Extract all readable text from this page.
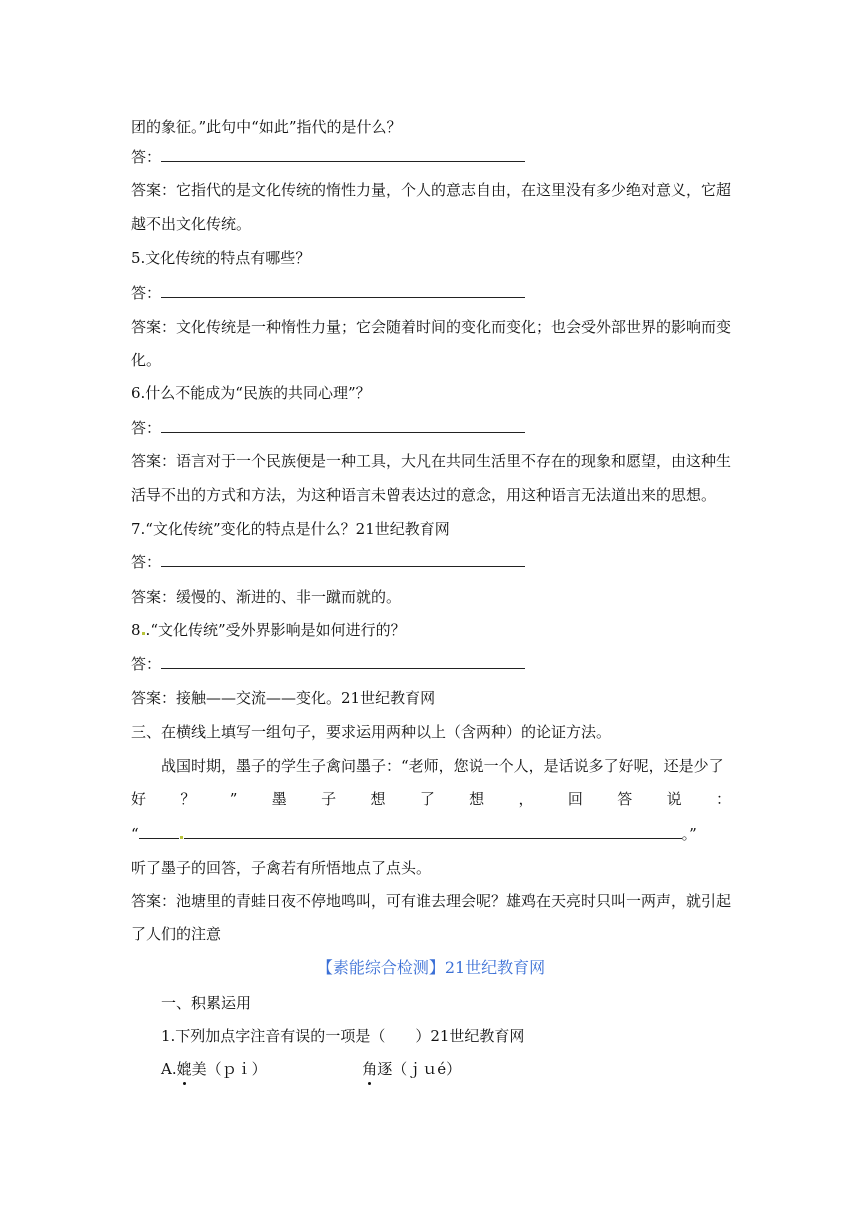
团的象征。”此句中“如此”指代的是什么？
答：
答案：它指代的是文化传统的惰性力量，个人的意志自由，在这里没有多少绝对意义，它超
越不出文化传统。
5.文化传统的特点有哪些？
答：
答案：文化传统是一种惰性力量；它会随着时间的变化而变化；也会受外部世界的影响而变
化。
6.什么不能成为“民族的共同心理”？
答：
答案：语言对于一个民族便是一种工具，大凡在共同生活里不存在的现象和愿望，由这种生
活导不出的方式和方法，为这种语言未曾表达过的意念，用这种语言无法道出来的思想。
7.“文化传统”变化的特点是什么？21世纪教育网
答：
答案：缓慢的、渐进的、非一蹴而就的。
8 .“文化传统”受外界影响是如何进行的？
答：
答案：接触——交流——变化。21世纪教育网
三、在横线上填写一组句子，要求运用两种以上（含两种）的论证方法。
战国时期，墨子的学生子禽问墨子：“老师，您说一个人，是话说多了好呢，还是少了
好 ？ ” 墨 子 想 了 想 ， 回 答 说 ：
“	。”
听了墨子的回答，子禽若有所悟地点了点头。
答案：池塘里的青蛙日夜不停地鸣叫，可有谁去理会呢？雄鸡在天亮时只叫一两声，就引起
了人们的注意
【素能综合检测】21世纪教育网
一、积累运用
1.下列加点字注音有误的一项是（　　）21世纪教育网
A.媲美（ｐｉ）	角逐（ｊｕé）
